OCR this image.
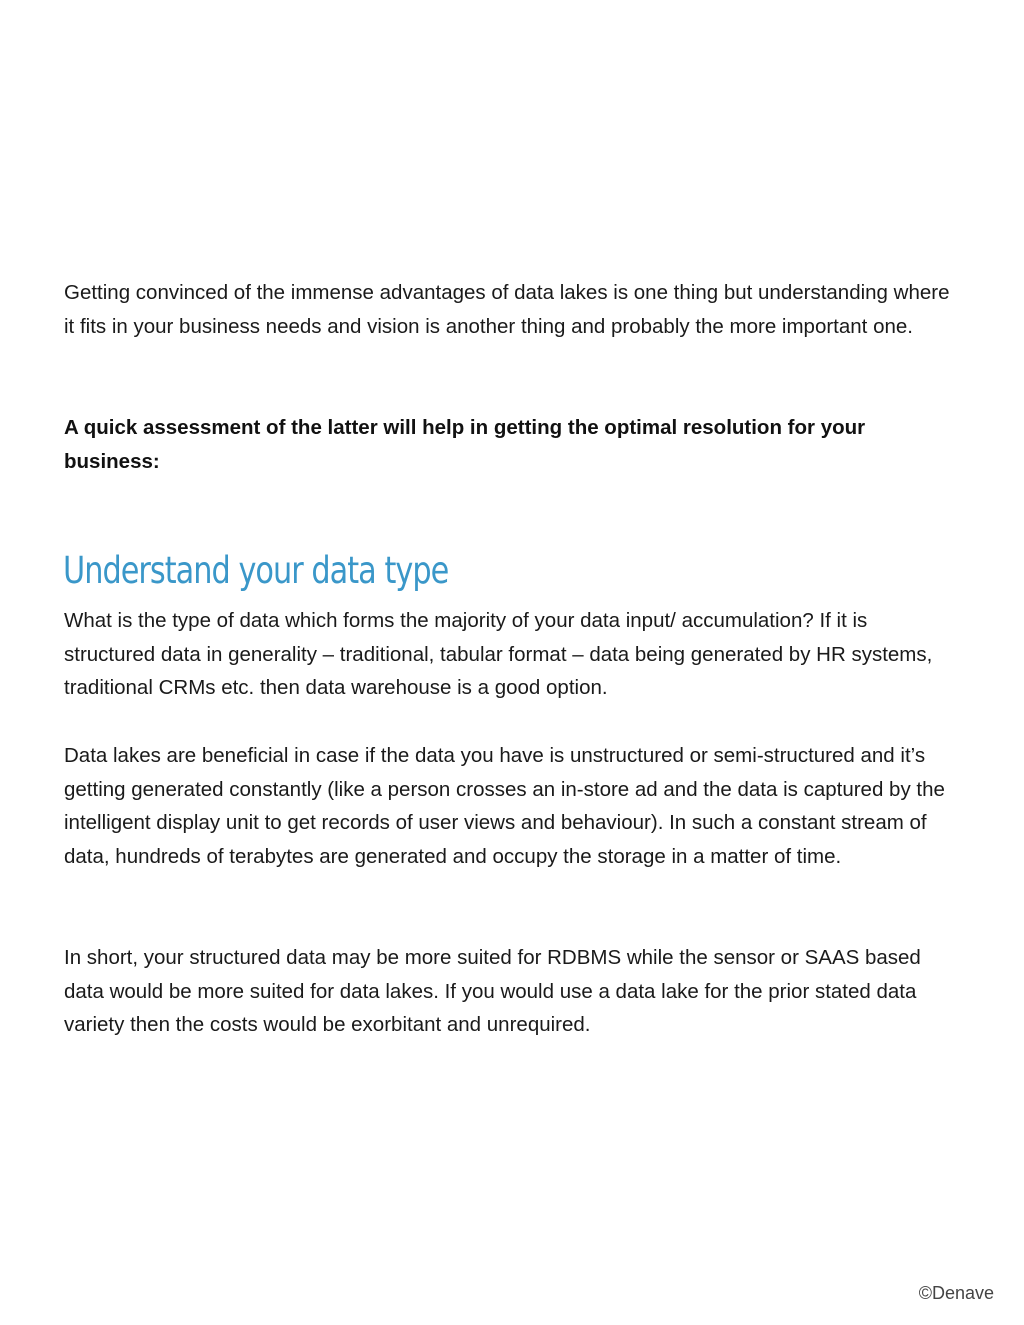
Getting convinced of the immense advantages of data lakes is one thing but understanding where it fits in your business needs and vision is another thing and probably the more important one.

A quick assessment of the latter will help in getting the optimal resolution for your business:

Understand your data type

What is the type of data which forms the majority of your data input/ accumulation? If it is structured data in generality – traditional, tabular format – data being generated by HR systems, traditional CRMs etc. then data warehouse is a good option.

Data lakes are beneficial in case if the data you have is unstructured or semi-structured and it’s getting generated constantly (like a person crosses an in-store ad and the data is captured by the intelligent display unit to get records of user views and behaviour). In such a constant stream of data, hundreds of terabytes are generated and occupy the storage in a matter of time.

In short, your structured data may be more suited for RDBMS while the sensor or SAAS based data would be more suited for data lakes. If you would use a data lake for the prior stated data variety then the costs would be exorbitant and unrequired.

©Denave
